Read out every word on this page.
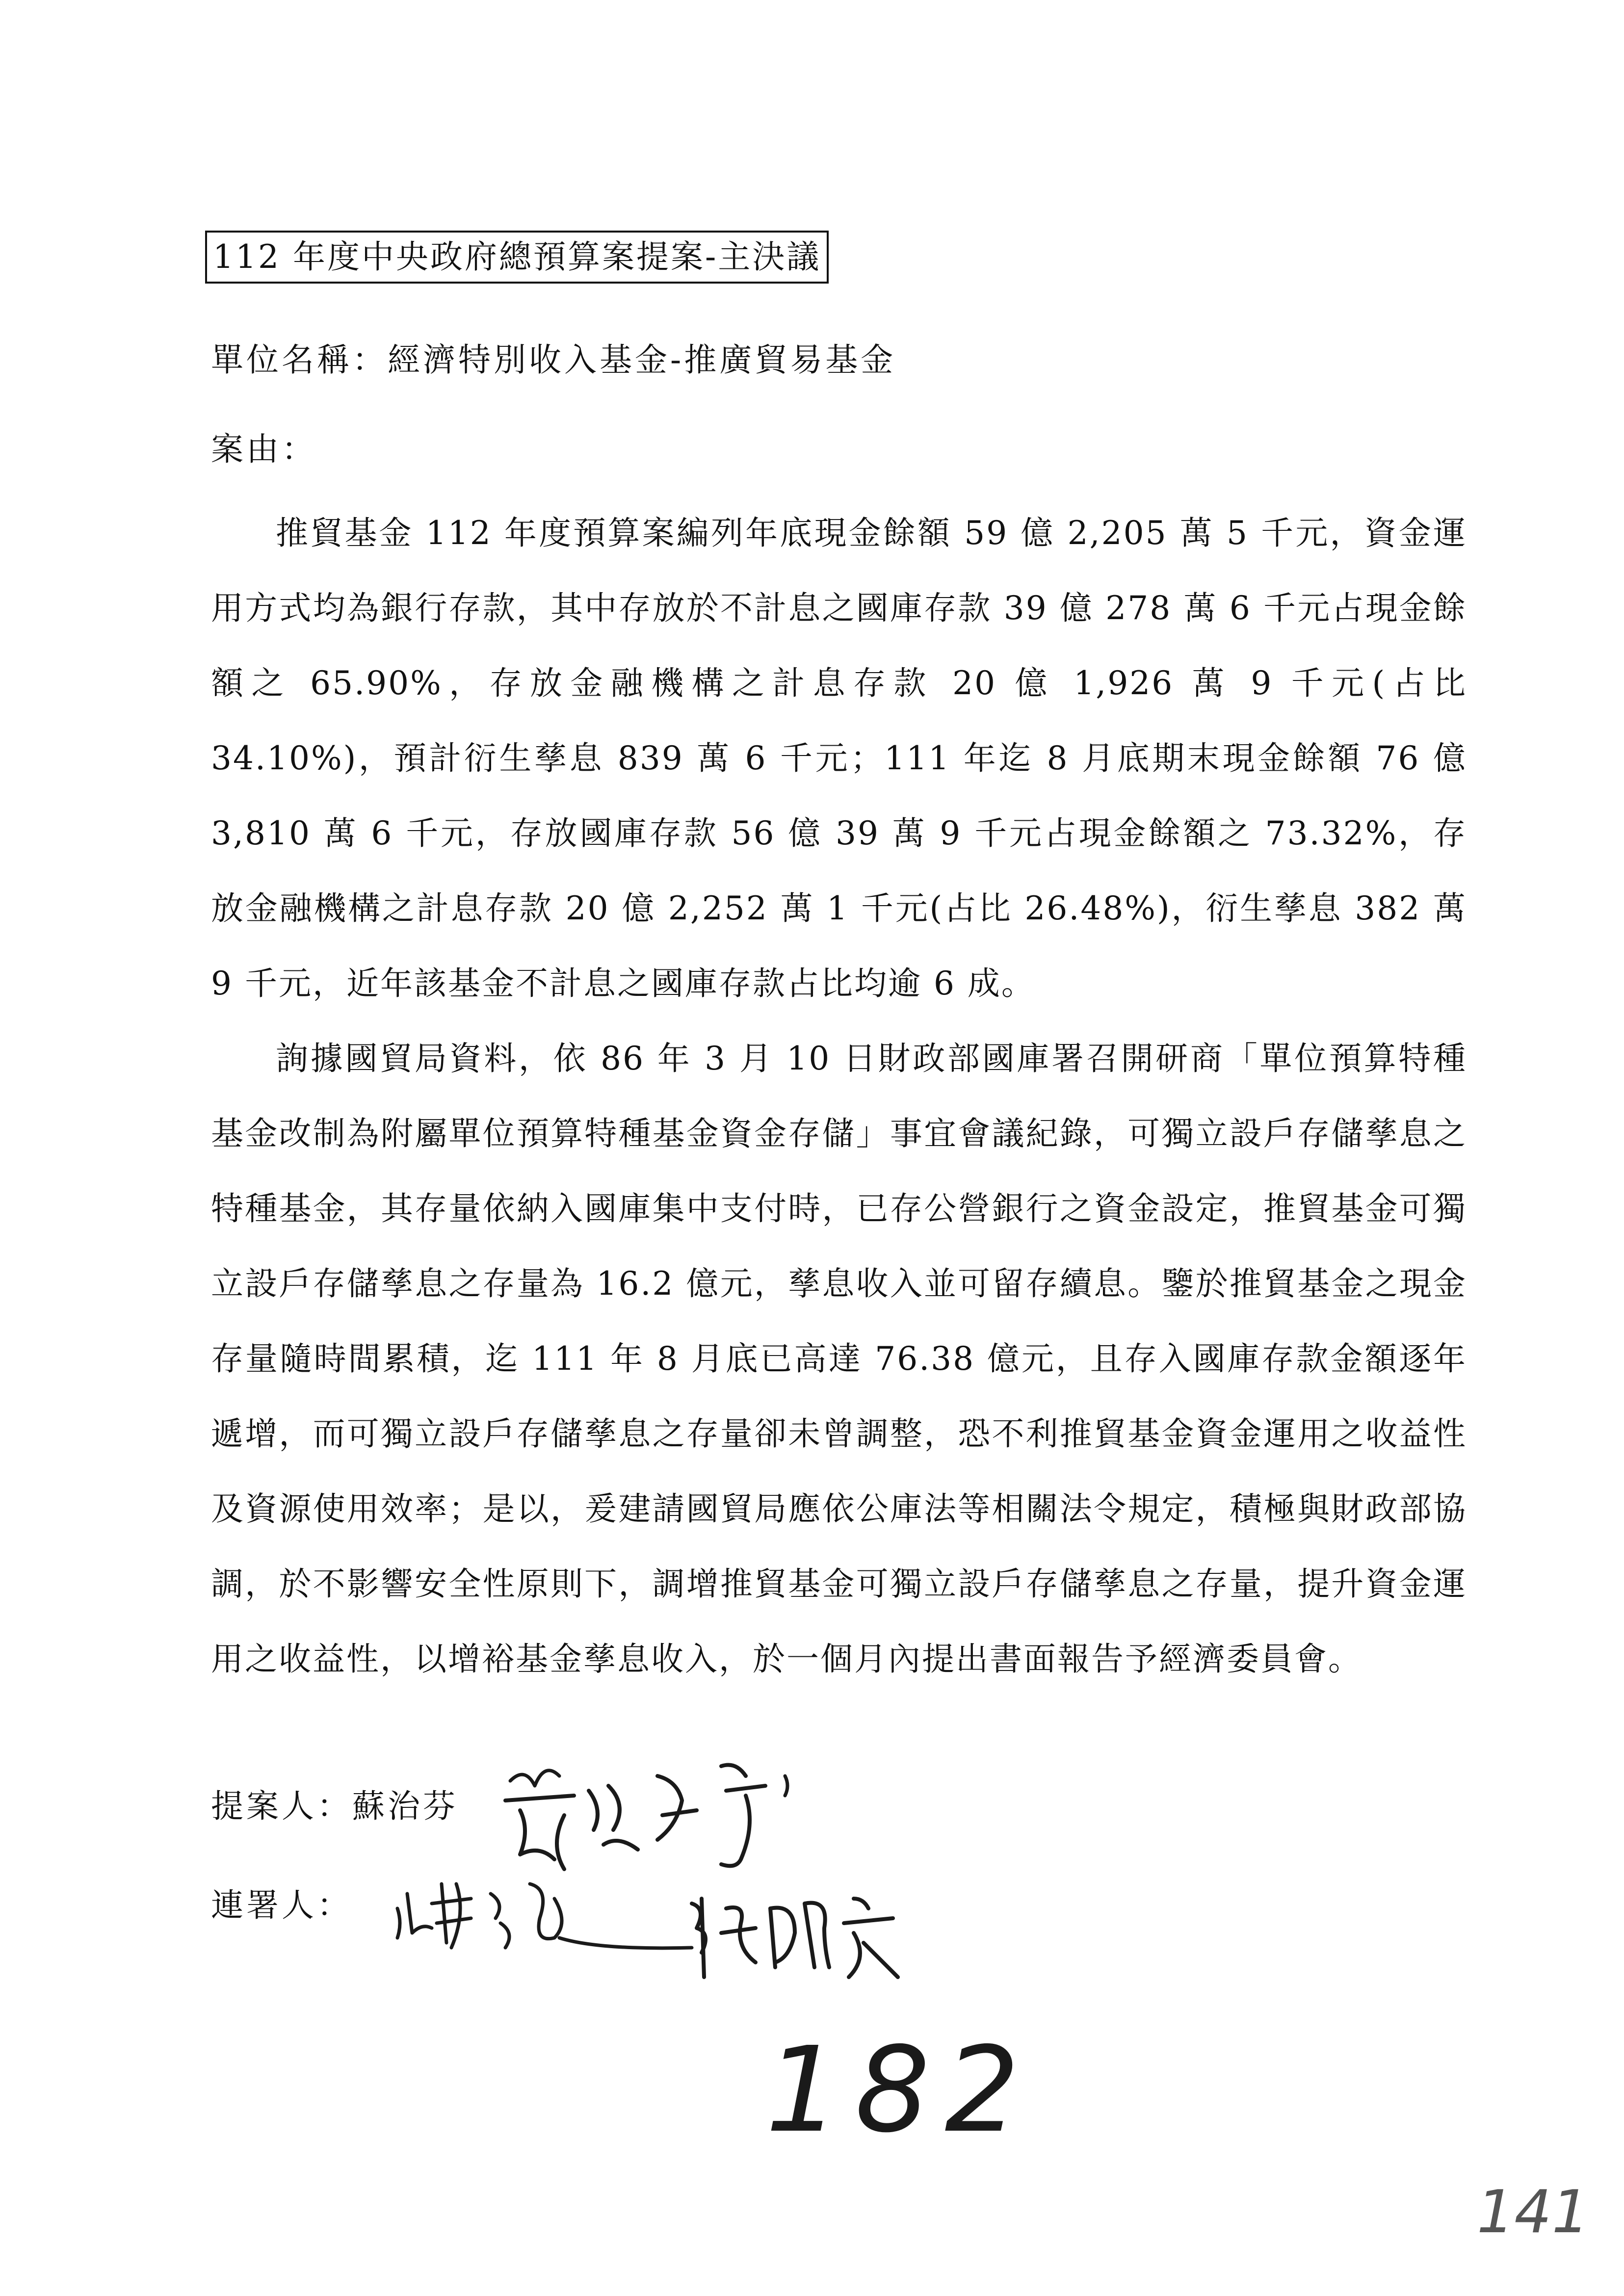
112 年度中央政府總預算案提案-主決議
單位名稱：經濟特別收入基金-推廣貿易基金
案由：

推貿基金 112 年度預算案編列年底現金餘額 59 億 2,205 萬 5 千元，資金運用方式均為銀行存款，其中存放於不計息之國庫存款 39 億 278 萬 6 千元占現金餘額之 65.90%，存放金融機構之計息存款 20 億 1,926 萬 9 千元(占比 34.10%)，預計衍生孳息 839 萬 6 千元；111 年迄 8 月底期末現金餘額 76 億 3,810 萬 6 千元，存放國庫存款 56 億 39 萬 9 千元占現金餘額之 73.32%，存放金融機構之計息存款 20 億 2,252 萬 1 千元(占比 26.48%)，衍生孳息 382 萬 9 千元，近年該基金不計息之國庫存款占比均逾 6 成。

詢據國貿局資料，依 86 年 3 月 10 日財政部國庫署召開研商「單位預算特種基金改制為附屬單位預算特種基金資金存儲」事宜會議紀錄，可獨立設戶存儲孳息之特種基金，其存量依納入國庫集中支付時，已存公營銀行之資金設定，推貿基金可獨立設戶存儲孳息之存量為 16.2 億元，孳息收入並可留存續息。鑒於推貿基金之現金存量隨時間累積，迄 111 年 8 月底已高達 76.38 億元，且存入國庫存款金額逐年遞增，而可獨立設戶存儲孳息之存量卻未曾調整，恐不利推貿基金資金運用之收益性及資源使用效率；是以，爰建請國貿局應依公庫法等相關法令規定，積極與財政部協調，於不影響安全性原則下，調增推貿基金可獨立設戶存儲孳息之存量，提升資金運用之收益性，以增裕基金孳息收入，於一個月內提出書面報告予經濟委員會。

提案人：蘇治芬
連署人：
182
141
